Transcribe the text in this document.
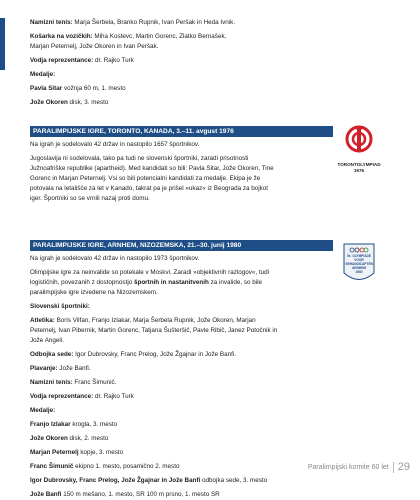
Namizni tenis: Marja Šerbela, Branko Rupnik, Ivan Peršak in Heda Ivnik.

Košarka na vozičkih: Miha Kostevc, Martin Gorenc, Zlatko Bernašek,

Marjan Peternelj, Jože Okoren in Ivan Peršak.

Vodja reprezentance: dr. Rajko Turk

Medalje:

Pavla Sitar vožnja 60 m, 1. mesto

Jože Okoren disk, 3. mesto

PARALIMPIJSKE IGRE, TORONTO, KANADA, 3.–11. avgust 1976

Na igrah je sodelovalo 42 držav in nastopilo 1657 športnikov.

Jugoslavija ni sodelovala, tako pa tudi ne slovenski športniki, zaradi prisotnosti

Južnoafriške republike (apartheid). Med kandidati so bili: Pavla Sitar, Jože Okoren, Tine

Gorenc in Marjan Peternelj. Vsi so bili potencialni kandidati za medalje. Ekipa je že

potovala na letališče za let v Kanado, takrat pa je prišel »ukaz« iz Beograda za bojkot

iger. Športniki so se vrnili nazaj proti domu.

TORONTOLYMPIAD
1976
PARALIMPIJSKE IGRE, ARNHEM, NIZOZEMSKA, 21.–30. junij 1980

Na igrah je sodelovalo 42 držav in nastopilo 1973 športnikov.

Olimpijske igre za neinvalide so potekale v Moskvi. Zaradi »objektivnih razlogov«, tudi

logističnih, povezanih z dostopnostjo športnih in nastanitvenih za invalide, so bile

paralimpijske igre izvedene na Nizozemskem.

Slovenski športniki:

Atletika: Boris Vilfan, Franjo Izlakar, Marja Šerbela Rupnik, Jože Okoren, Marjan

Peternelj, Ivan Pibernik, Martin Gorenc, Tatjana Šušteršič, Pavle Ribič, Janez Potočnik in

Jože Angeli.

Odbojka sede: Igor Dubrovsky, Franc Prelog, Jože Žgajnar in Jože Banfi.

Plavanje: Jože Banfi.

Namizni tenis: Franc Šimunič.

Vodja reprezentance: dr. Rajko Turk

Medalje:

Franjo Izlakar krogla, 3. mesto

Jože Okoren disk, 2. mesto

Marjan Peternelj kopje, 3. mesto

Franc Šimunič ekipno 1. mesto, posamično 2. mesto

Igor Dubrovsky, Franc Prelog, Jože Žgajnar in Jože Banfi odbojka sede, 3. mesto

Jože Banfi 150 m mešano, 1. mesto, SR 100 m prsno, 1. mesto SR

5e. OLYMPIADE
VOOR
GEHANDICAPTEN
ARNHEM
1980
Paralimpijski komite 60 let 29
